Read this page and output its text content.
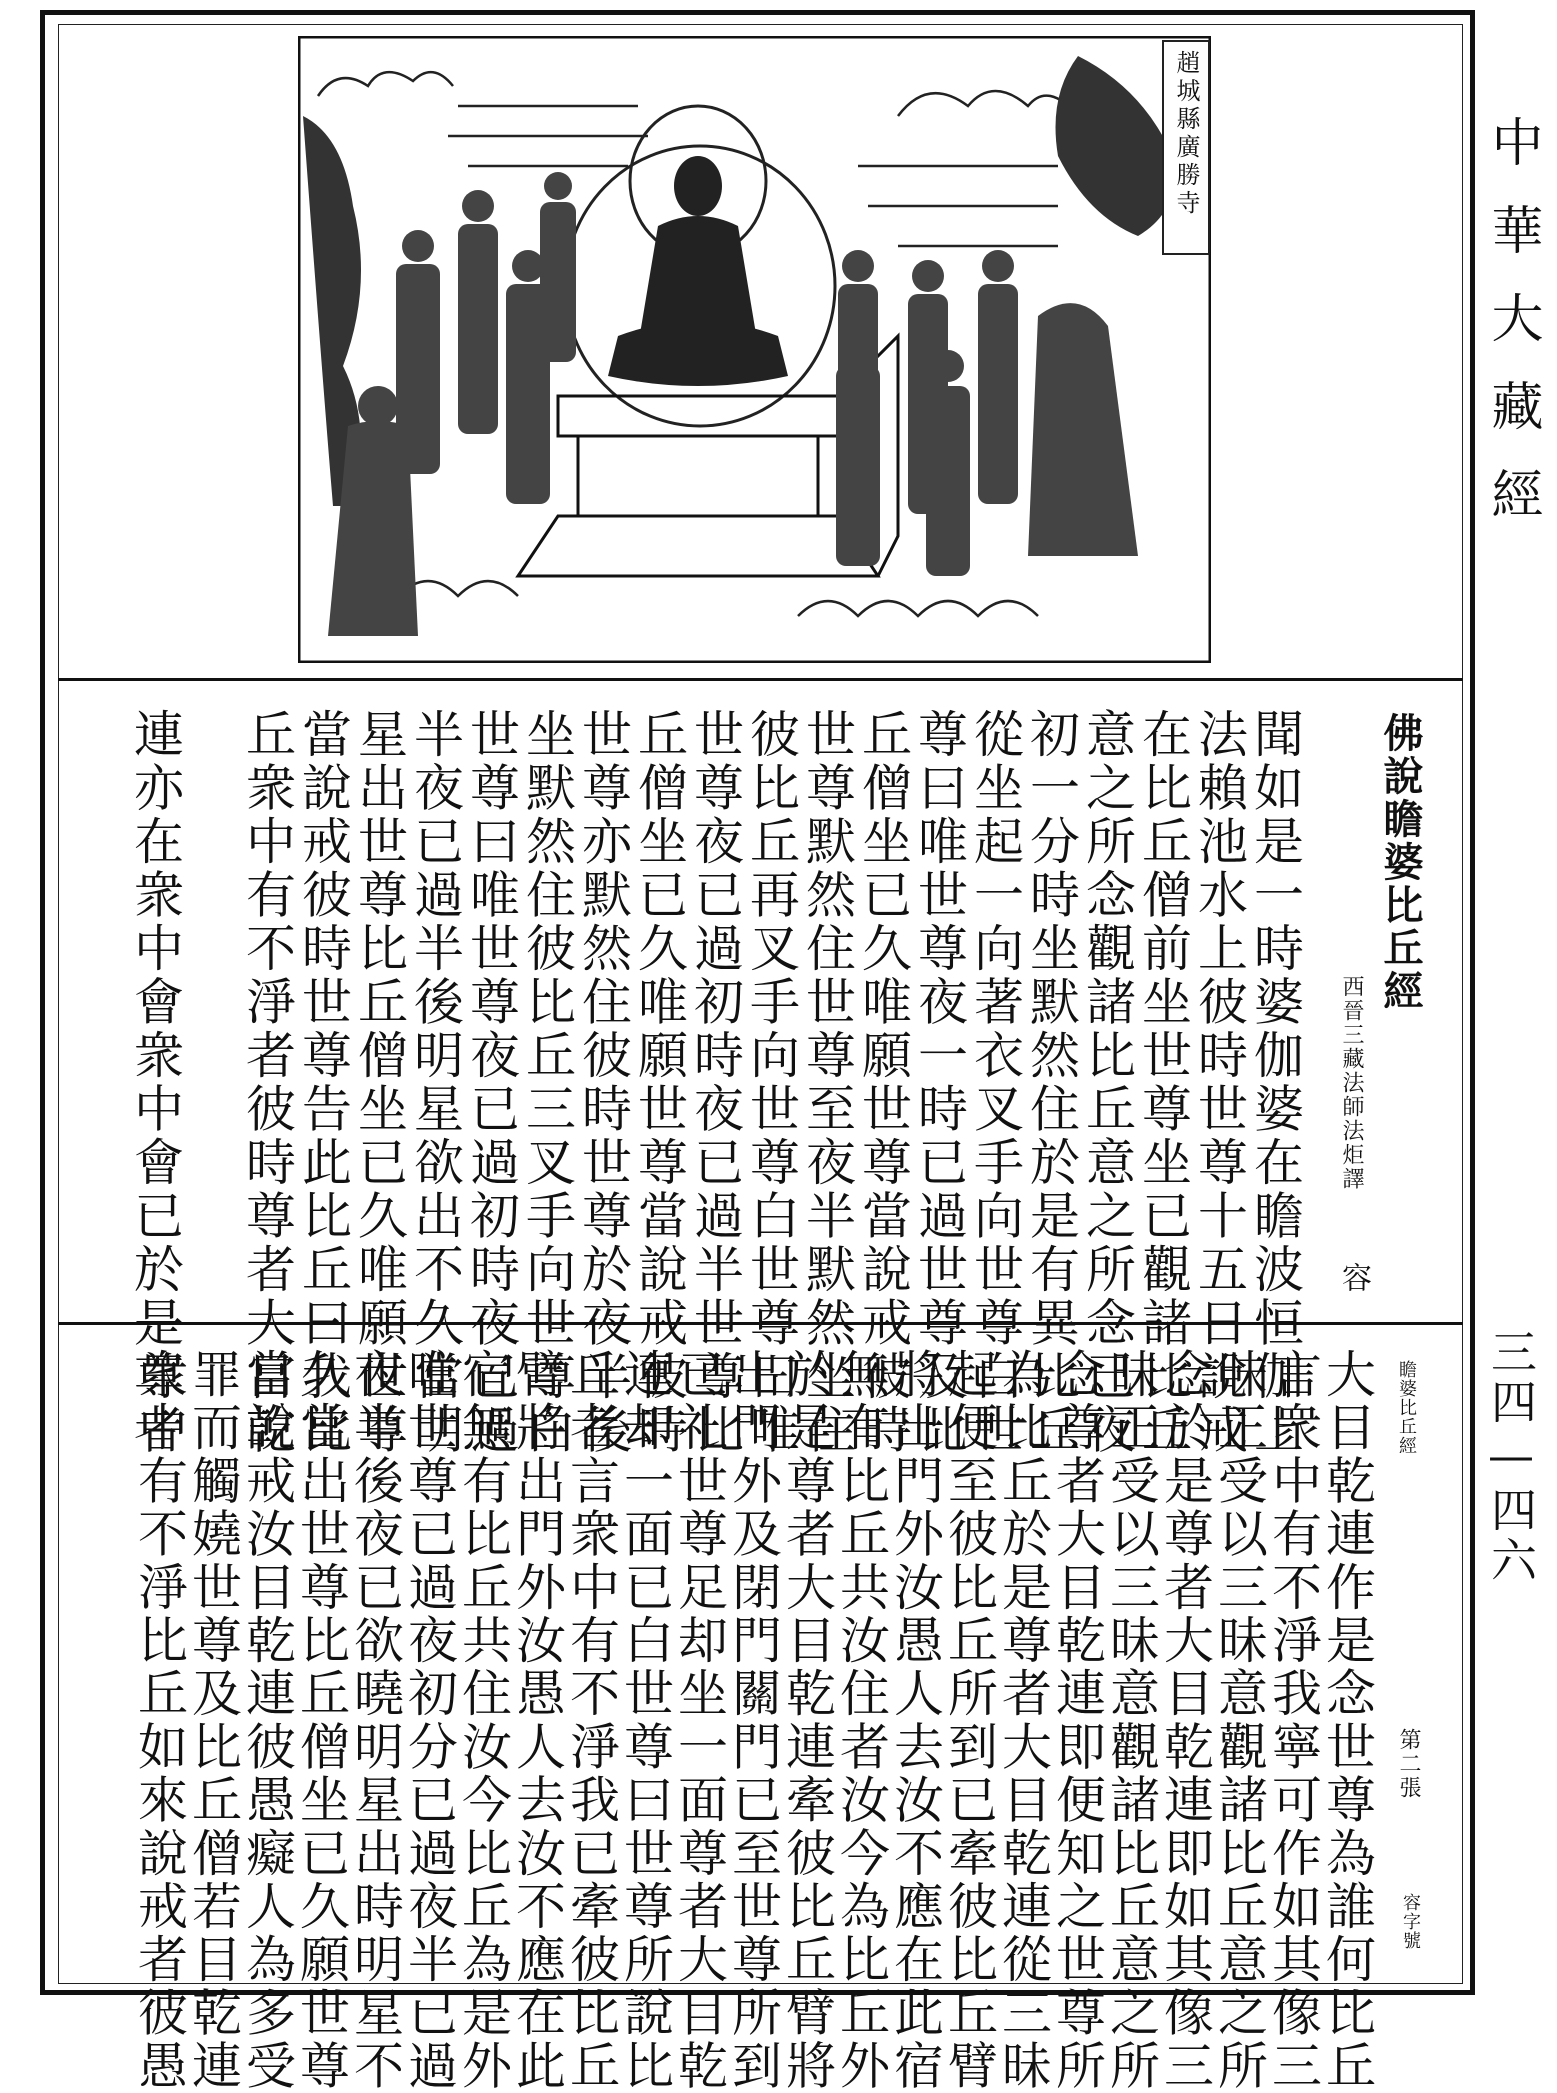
趙城縣廣勝寺	中華大藏經
三四—四六
佛說瞻婆比丘經
西晉三藏法師法炬譯
容
聞如是一時婆伽婆在瞻波恒伽上
法賴池水上彼時世尊十五日說戒
在比丘僧前坐世尊坐已觀諸比丘
意之所念觀諸比丘意之所念已夜
初一分時坐默然住於是有異比丘
從坐起一向著衣叉手向世尊白世
尊曰唯世尊夜一時已過世尊及比
丘僧坐已久唯願世尊當說戒彼時
世尊默然住世尊至夜半默然坐住
彼比丘再叉手向世尊白世尊曰唯
世尊夜已過初時夜已過半世尊比
丘僧坐已久唯願世尊當說戒彼時
世尊亦默然住彼時世尊於夜半後
坐默然住彼比丘三叉手向世尊白
世尊曰唯世尊夜已過初時夜已過
半夜已過半後明星欲出不久當明
星出世尊比丘僧坐已久唯願世尊
當說戒彼時世尊告此比丘曰我比
丘衆中有不淨者彼時尊者大目乾
連亦在衆中會衆中會已於是尊者	瞻婆比丘經
第二張
容字號
大目乾連作是念世尊為誰何比丘
言衆中有不淨我寧可作如其像三
昧正受以三昧意觀諸比丘意之所
念於是尊者大目乾連即如其像三
昧正受以三昧意觀諸比丘意之所
念尊者大目乾連即便知之世尊所
為比丘於是尊者大目乾連從三昧
起便至彼比丘所到已牽彼比丘臂
將出門外汝愚人去汝不應在此宿
無有比丘共汝住者汝今為比丘外
於是尊者大目乾連牽彼比丘臂將
出門外及閉門關門已至世尊所到
已礼世尊足却坐一面尊者大目乾
連却一面已白世尊曰世尊所說比
丘者言衆中有不淨我已牽彼比丘
臂將出門外汝愚人去汝不應在此
宿無有比丘共住汝今比丘為是外
唯世尊已過夜初分已過夜半已過
夜半後夜已欲曉明星出時明星不
久當出世尊比丘僧坐已久願世尊
當說戒汝目乾連彼愚癡人為多受
罪而觸嬈世尊及比丘僧若目乾連
衆中有不淨比丘如來說戒者彼愚
